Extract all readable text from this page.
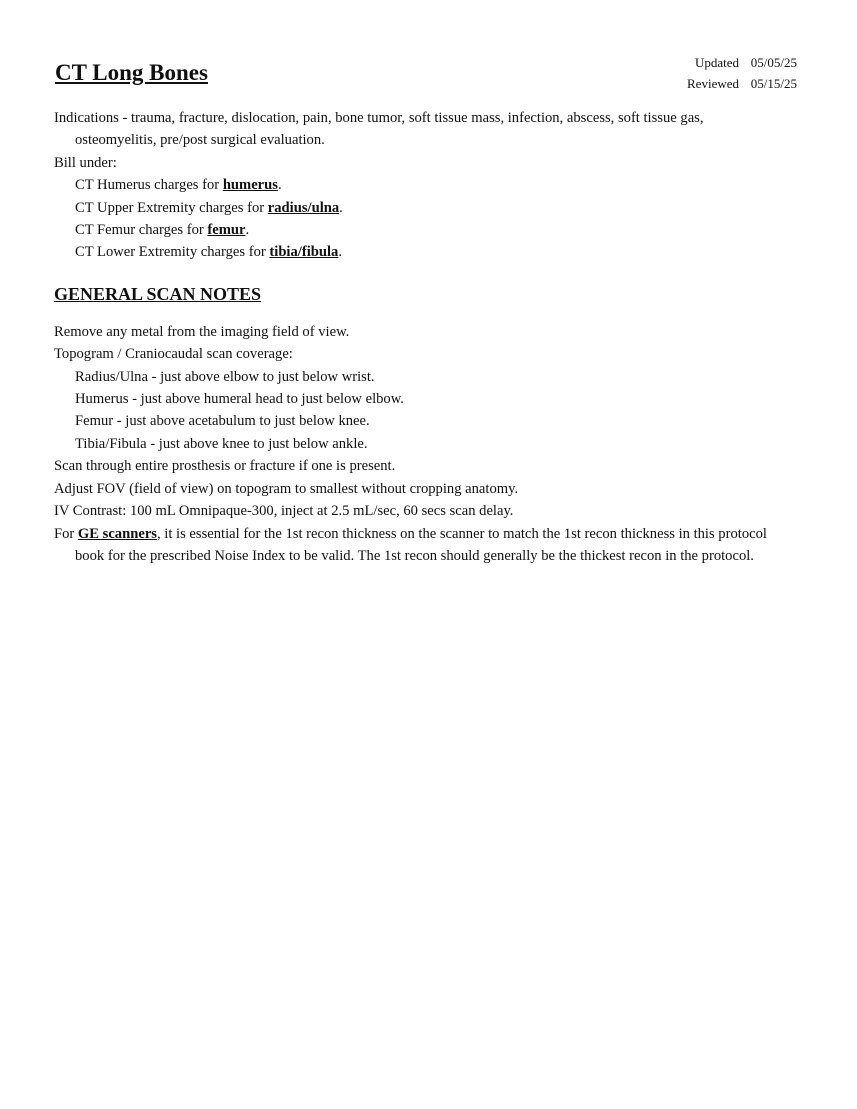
CT Long Bones	Updated 05/05/25
Reviewed 05/15/25

Indications - trauma, fracture, dislocation, pain, bone tumor, soft tissue mass, infection, abscess, soft tissue gas, osteomyelitis, pre/post surgical evaluation.

Bill under:

CT Humerus charges for humerus.

CT Upper Extremity charges for radius/ulna.

CT Femur charges for femur.

CT Lower Extremity charges for tibia/fibula.

GENERAL SCAN NOTES

Remove any metal from the imaging field of view.

Topogram / Craniocaudal scan coverage:

Radius/Ulna - just above elbow to just below wrist.

Humerus - just above humeral head to just below elbow.

Femur - just above acetabulum to just below knee.

Tibia/Fibula - just above knee to just below ankle.

Scan through entire prosthesis or fracture if one is present.

Adjust FOV (field of view) on topogram to smallest without cropping anatomy.

IV Contrast: 100 mL Omnipaque-300, inject at 2.5 mL/sec, 60 secs scan delay.

For GE scanners, it is essential for the 1st recon thickness on the scanner to match the 1st recon thickness in this protocol book for the prescribed Noise Index to be valid. The 1st recon should generally be the thickest recon in the protocol.
